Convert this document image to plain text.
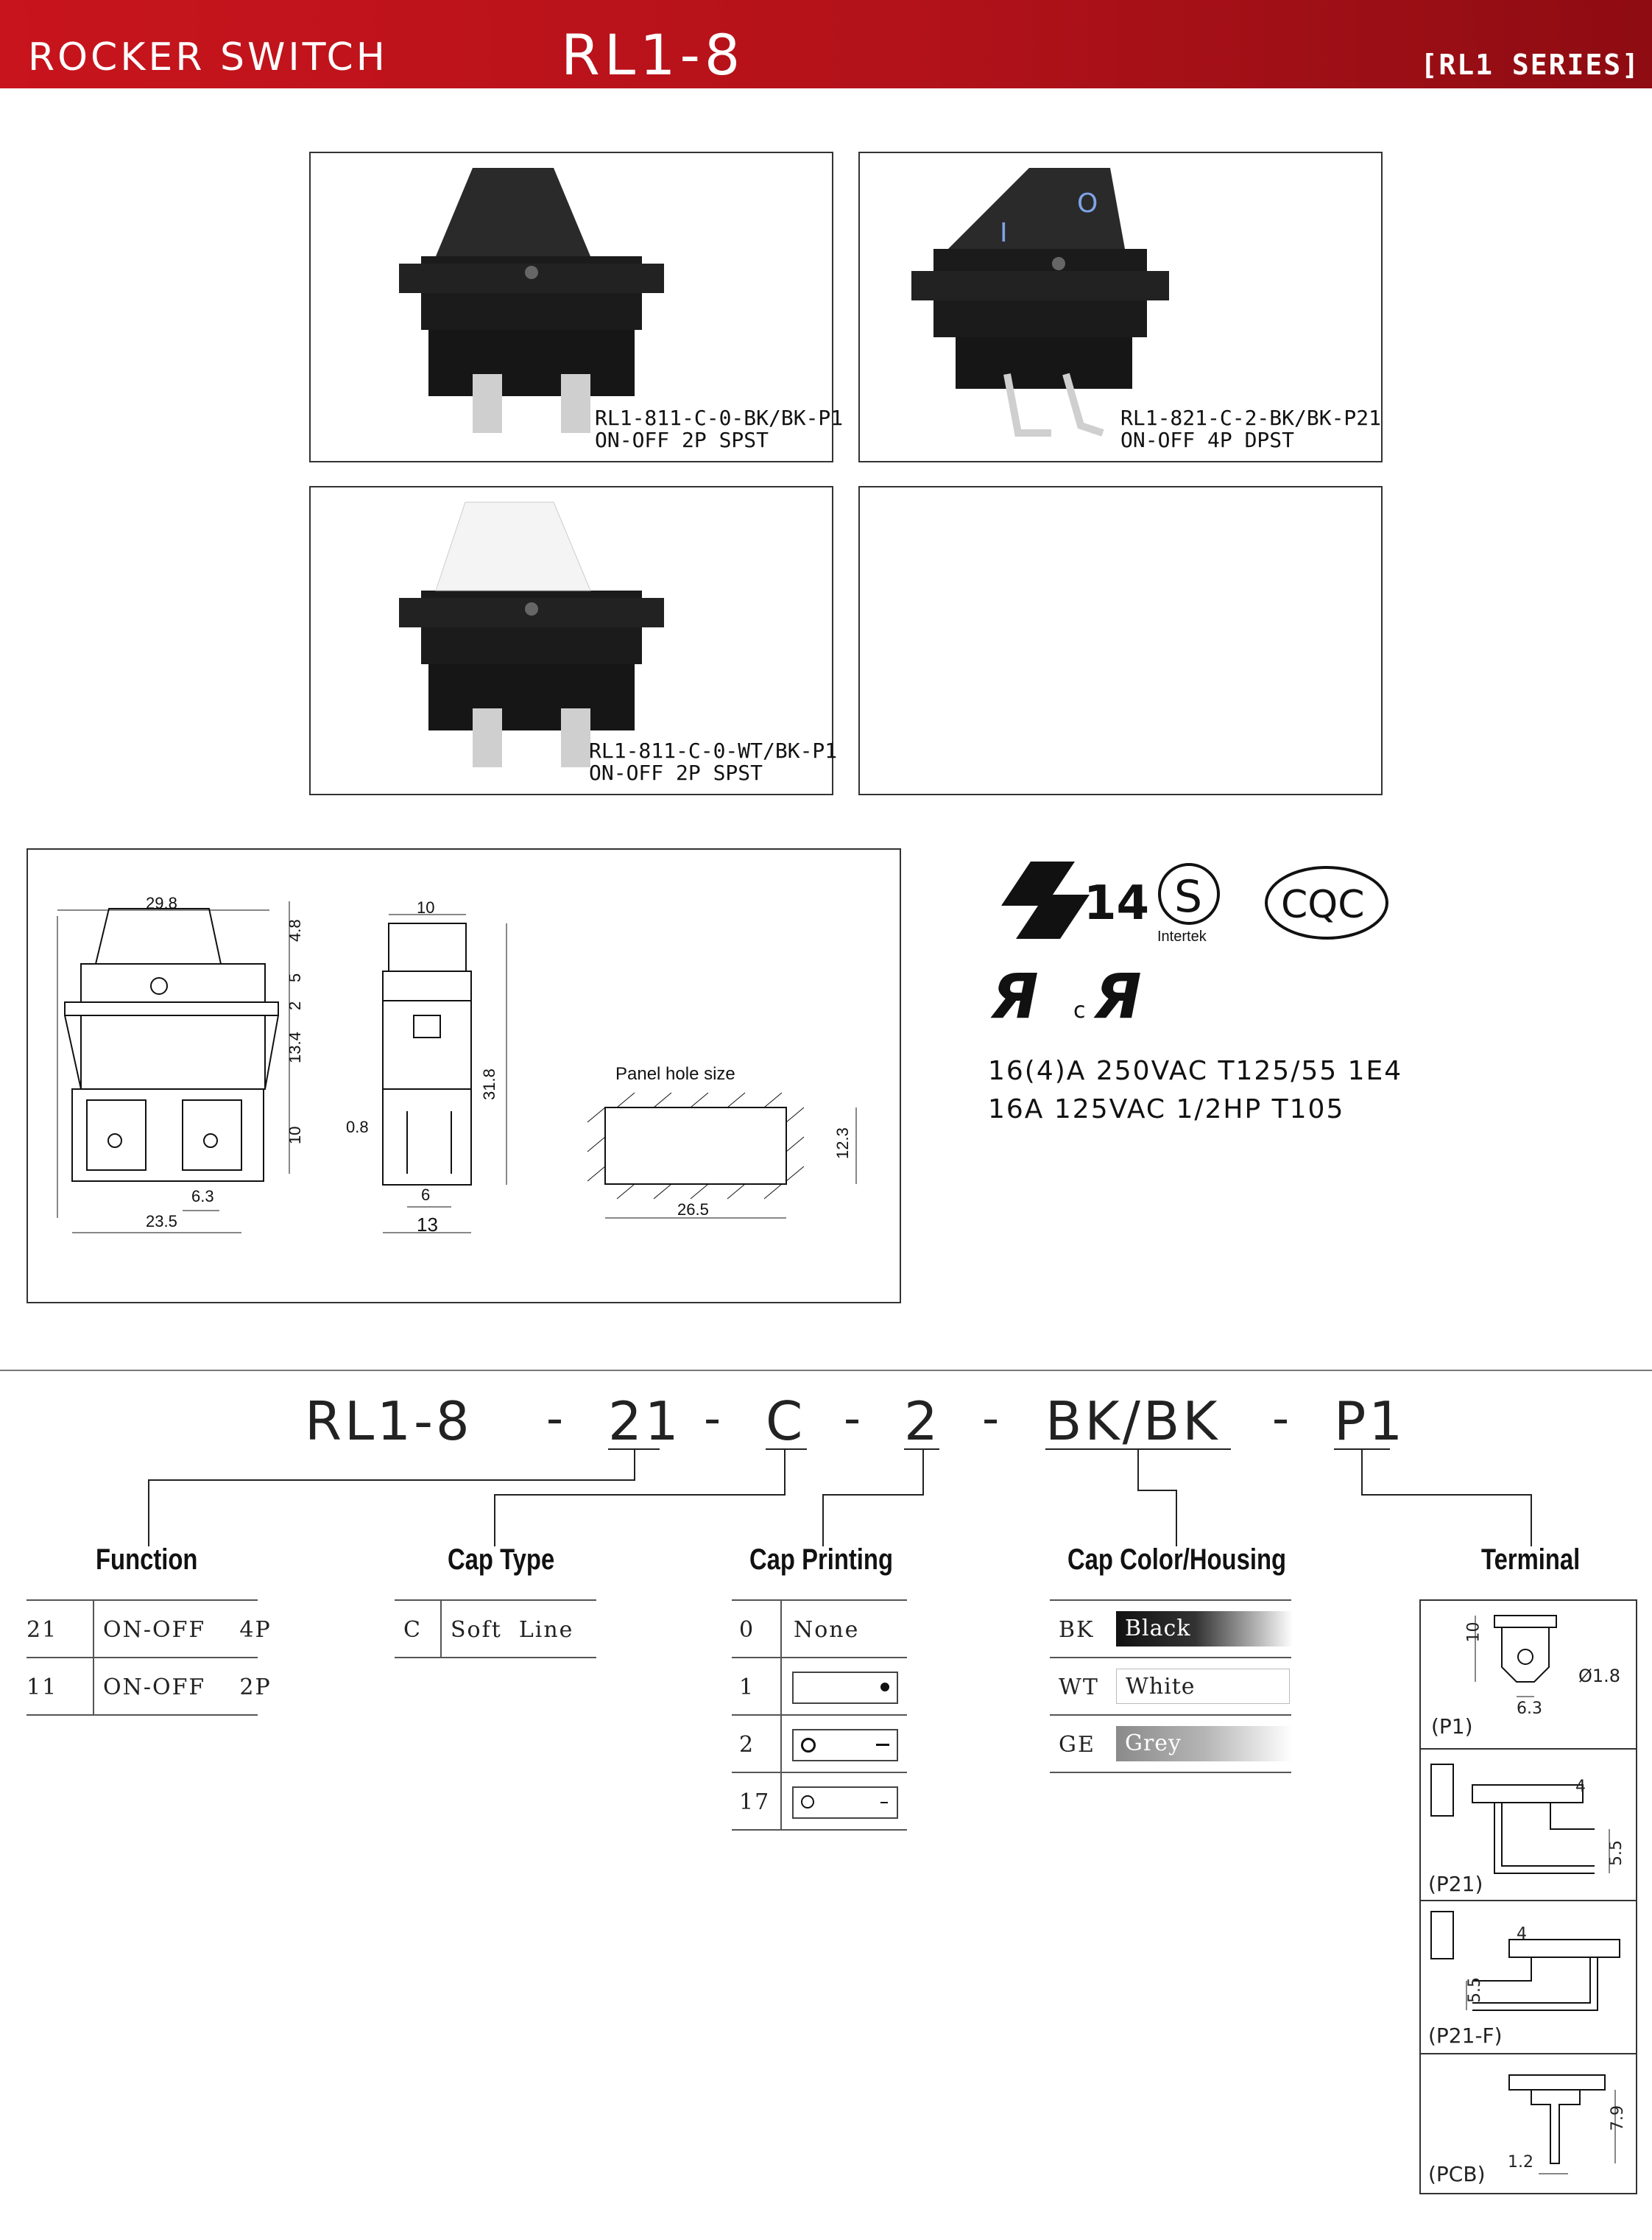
ROCKER SWITCH	RL1-8	[RL1 SERIES]
RL1-811-C-0-BK/BK-P1
ON-OFF 2P SPST
I
O
RL1-821-C-2-BK/BK-P21
ON-OFF 4P DPST
RL1-811-C-0-WT/BK-P1
ON-OFF 2P SPST
29.8
4.8
5
2
13.4
10
6.3
23.5
10
31.8
0.8
6
13
Panel hole size
26.5
12.3
14 S
Intertek
CQC
Я c Я
16(4)A 250VAC T125/55 1E4
16A 125VAC 1/2HP T105
RL1-8 - 21 - C - 2 - BK/BK - P1
Function
21 ON-OFF    4P
11 ON-OFF    2P
Cap Type
C Soft  Line
Cap Printing
0 None
1
2
17
Cap Color/Housing
BK	Black
WT	White
GE	Grey
Terminal
10
6.3
Ø1.8
(P1)
4
5.5
(P21)
4
5.5
(P21-F)
7.9
1.2
(PCB)
